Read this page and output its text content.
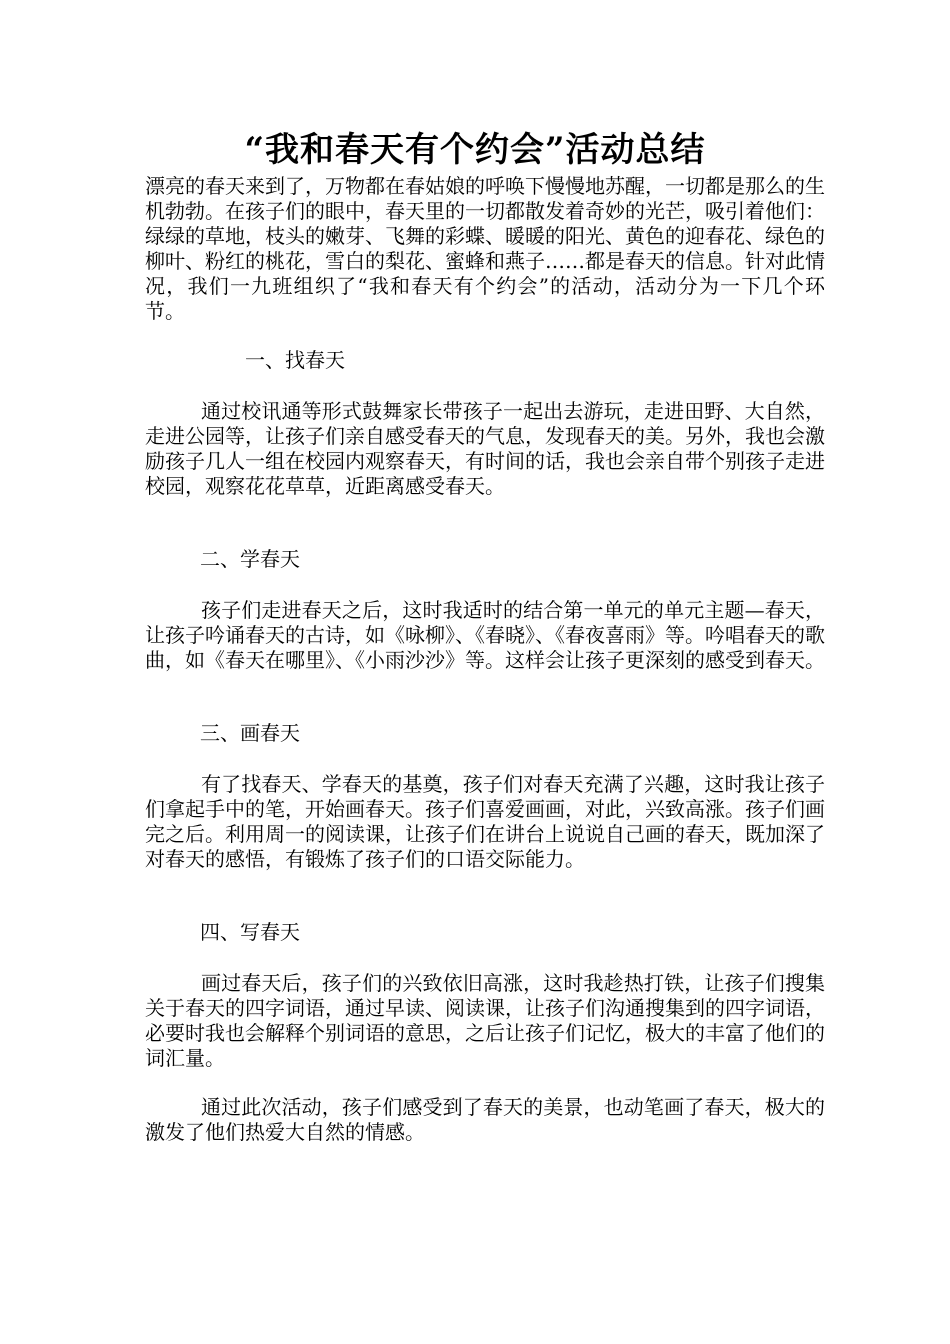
“我和春天有个约会”活动总结

漂亮的春天来到了，万物都在春姑娘的呼唤下慢慢地苏醒，一切都是那么的生机勃勃。在孩子们的眼中，春天里的一切都散发着奇妙的光芒，吸引着他们：绿绿的草地，枝头的嫩芽、飞舞的彩蝶、暖暖的阳光、黄色的迎春花、绿色的柳叶、粉红的桃花，雪白的梨花、蜜蜂和燕子……都是春天的信息。针对此情况，我们一九班组织了“我和春天有个约会”的活动，活动分为一下几个环节。

一、找春天

通过校讯通等形式鼓舞家长带孩子一起出去游玩，走进田野、大自然，走进公园等，让孩子们亲自感受春天的气息，发现春天的美。另外，我也会激励孩子几人一组在校园内观察春天，有时间的话，我也会亲自带个别孩子走进校园，观察花花草草，近距离感受春天。

二、学春天

孩子们走进春天之后，这时我适时的结合第一单元的单元主题—春天，让孩子吟诵春天的古诗，如《咏柳》、《春晓》、《春夜喜雨》等。吟唱春天的歌曲，如《春天在哪里》、《小雨沙沙》等。这样会让孩子更深刻的感受到春天。

三、画春天

有了找春天、学春天的基奠，孩子们对春天充满了兴趣，这时我让孩子们拿起手中的笔，开始画春天。孩子们喜爱画画，对此，兴致高涨。孩子们画完之后。利用周一的阅读课，让孩子们在讲台上说说自己画的春天，既加深了对春天的感悟，有锻炼了孩子们的口语交际能力。

四、写春天

画过春天后，孩子们的兴致依旧高涨，这时我趁热打铁，让孩子们搜集关于春天的四字词语，通过早读、阅读课，让孩子们沟通搜集到的四字词语，必要时我也会解释个别词语的意思，之后让孩子们记忆，极大的丰富了他们的词汇量。

通过此次活动，孩子们感受到了春天的美景，也动笔画了春天，极大的激发了他们热爱大自然的情感。
